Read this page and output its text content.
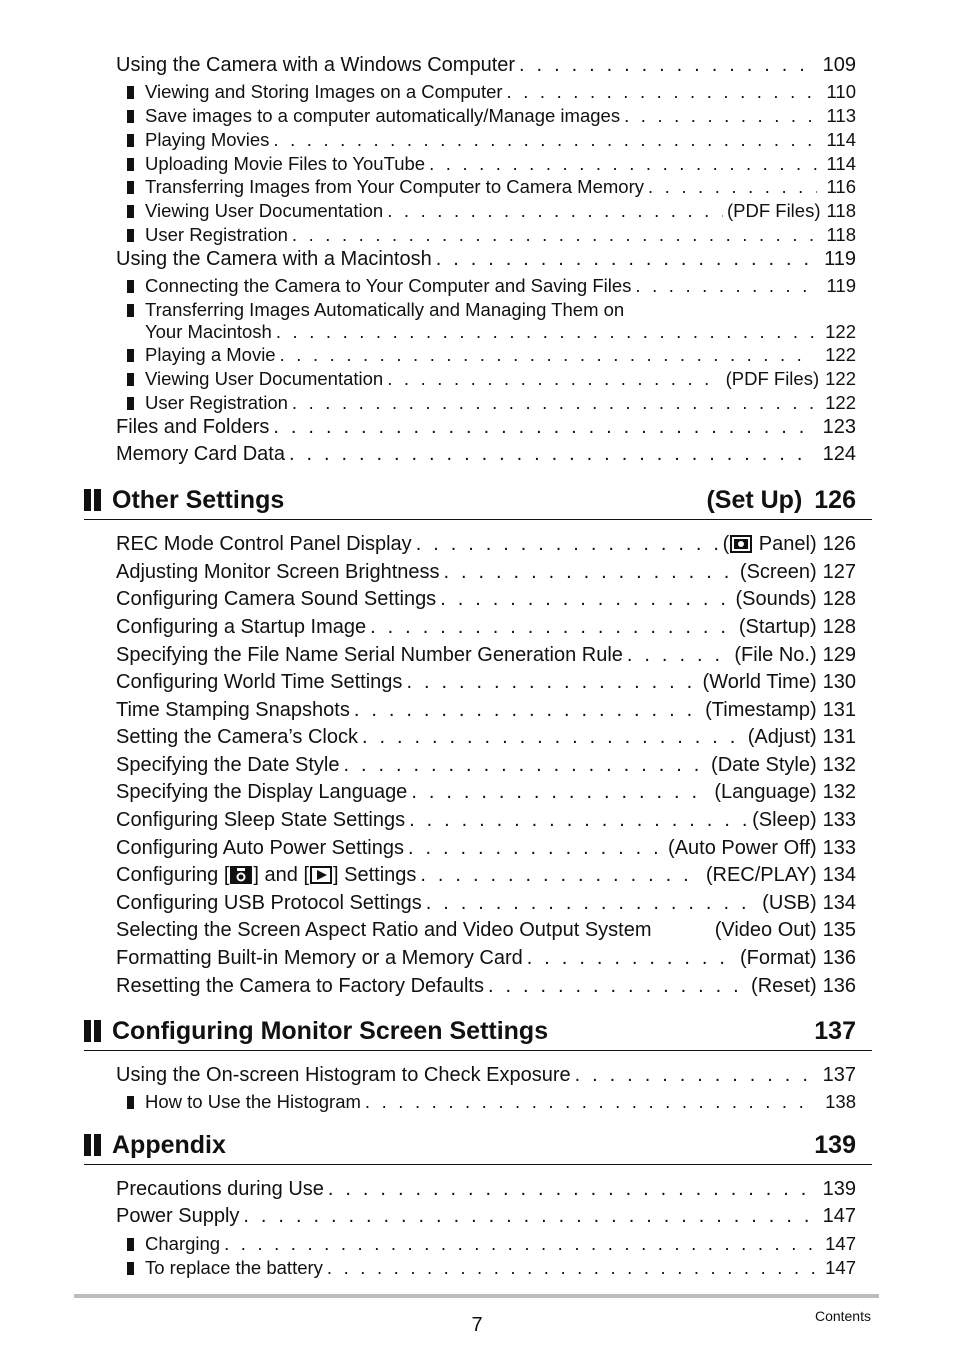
Using the Camera with a Windows Computer . . .	109
Viewing and Storing Images on a Computer . . .	110
Save images to a computer automatically/Manage images . . .	113
Playing Movies . . .	114
Uploading Movie Files to YouTube . . .	114
Transferring Images from Your Computer to Camera Memory . . .	116
Viewing User Documentation . . .	(PDF Files) 118
User Registration . . .	118
Using the Camera with a Macintosh . . .	119
Connecting the Camera to Your Computer and Saving Files . . .	119
Transferring Images Automatically and Managing Them on
Your Macintosh . . .	122
Playing a Movie . . .	122
Viewing User Documentation . . .	(PDF Files) 122
User Registration . . .	122
Files and Folders . . .	123
Memory Card Data . . .	124
Other Settings	(Set Up) 126
REC Mode Control Panel Display . . .	( Panel) 126
Adjusting Monitor Screen Brightness . . .	(Screen) 127
Configuring Camera Sound Settings . . .	(Sounds) 128
Configuring a Startup Image . . .	(Startup) 128
Specifying the File Name Serial Number Generation Rule . . .	(File No.) 129
Configuring World Time Settings . . .	(World Time) 130
Time Stamping Snapshots . . .	(Timestamp) 131
Setting the Camera’s Clock . . .	(Adjust) 131
Specifying the Date Style . . .	(Date Style) 132
Specifying the Display Language . . .	(Language) 132
Configuring Sleep State Settings . . .	(Sleep) 133
Configuring Auto Power Settings . . .	(Auto Power Off) 133
Configuring [ ] and [ ] Settings . . .	(REC/PLAY) 134
Configuring USB Protocol Settings . . .	(USB) 134
Selecting the Screen Aspect Ratio and Video Output System	(Video Out) 135
Formatting Built-in Memory or a Memory Card . . .	(Format) 136
Resetting the Camera to Factory Defaults . . .	(Reset) 136
Configuring Monitor Screen Settings	137
Using the On-screen Histogram to Check Exposure . . .	137
How to Use the Histogram . . .	138
Appendix	139
Precautions during Use . . .	139
Power Supply . . .	147
Charging . . .	147
To replace the battery . . .	147
7	Contents
